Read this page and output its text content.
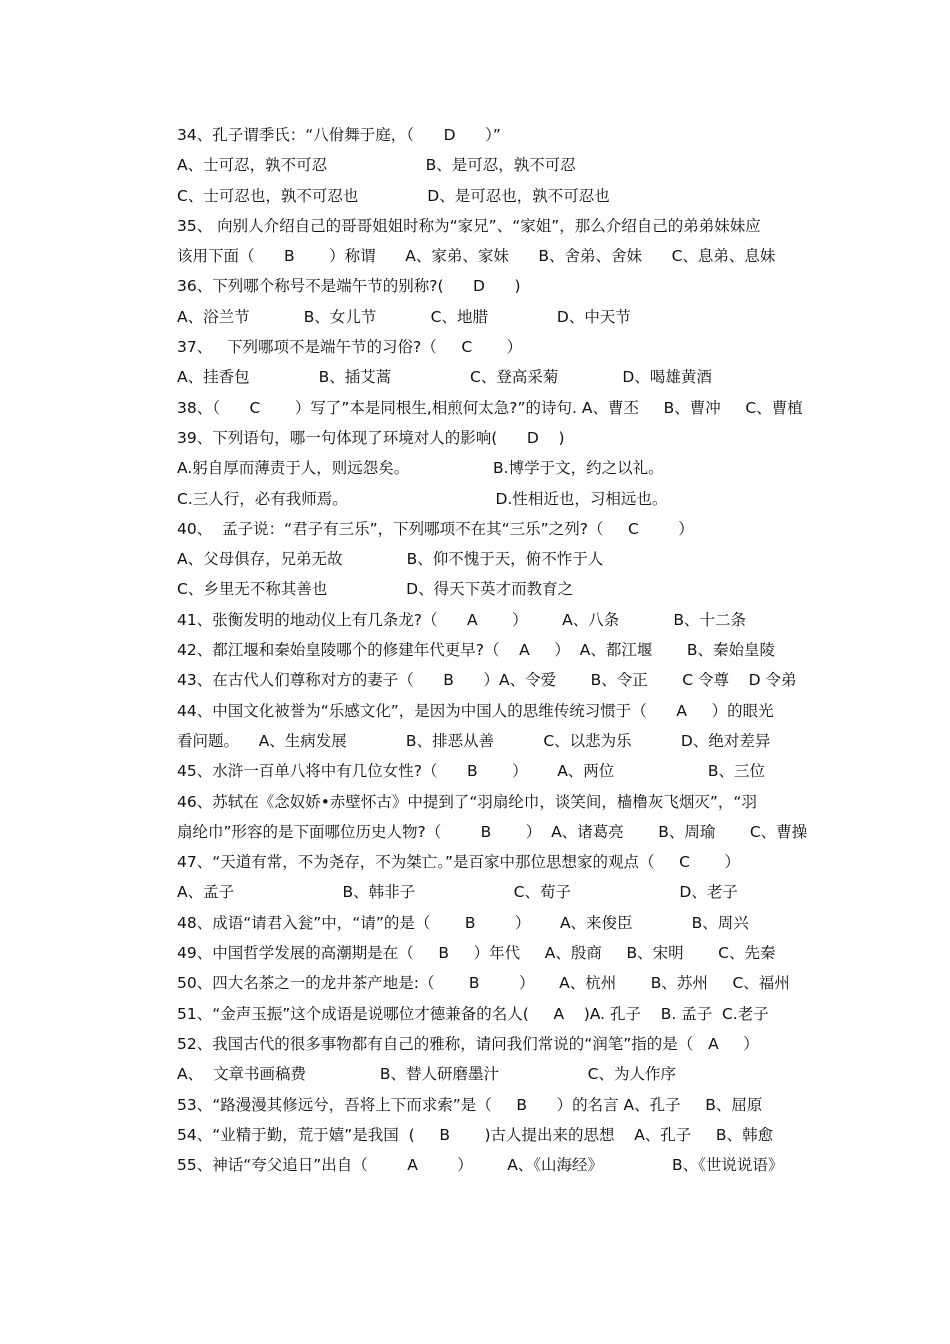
34、孔子谓季氏：“八佾舞于庭，（      D      ）”
A、士可忍，孰不可忍                    B、是可忍，孰不可忍
C、士可忍也，孰不可忍也              D、是可忍也，孰不可忍也
35、 向别人介绍自己的哥哥姐姐时称为“家兄”、“家姐”，那么介绍自己的弟弟妹妹应
该用下面（      B       ）称谓      A、家弟、家妹      B、舍弟、舍妹      C、息弟、息妹
36、下列哪个称号不是端午节的别称?(      D      )
A、浴兰节           B、女儿节           C、地腊              D、中天节
37、   下列哪项不是端午节的习俗?（     C       ）
A、挂香包              B、插艾蒿                C、登高采菊             D、喝雄黄酒
38、（      C       ）写了”本是同根生,相煎何太急?”的诗句. A、曹丕     B、曹冲     C、曹植
39、下列语句，哪一句体现了环境对人的影响(      D    )
A.躬自厚而薄责于人，则远怨矣。                 B.博学于文，约之以礼。
C.三人行，必有我师焉。                              D.性相近也，习相远也。
40、  孟子说：“君子有三乐”，下列哪项不在其“三乐”之列?（     C        ）
A、父母俱存，兄弟无故             B、仰不愧于天，俯不怍于人
C、乡里无不称其善也                D、得天下英才而教育之
41、张衡发明的地动仪上有几条龙?（      A       ）       A、八条           B、十二条
42、都江堰和秦始皇陵哪个的修建年代更早?（    A     ）  A、都江堰       B、秦始皇陵
43、在古代人们尊称对方的妻子（      B      ）A、令爱       B、令正       C 令尊    D 令弟
44、中国文化被誉为“乐感文化”，是因为中国人的思维传统习惯于（      A     ）的眼光
看问题。    A、生病发展            B、排恶从善          C、以悲为乐          D、绝对差异
45、水浒一百单八将中有几位女性?（      B       ）      A、两位                   B、三位
46、苏轼在《念奴娇•赤壁怀古》中提到了“羽扇纶巾，谈笑间，樯橹灰飞烟灭”，“羽
扇纶巾”形容的是下面哪位历史人物?（        B       ）  A、诸葛亮       B、周瑜       C、曹操
47、“天道有常，不为尧存，不为桀亡。”是百家中那位思想家的观点（     C       ）
A、孟子                      B、韩非子                    C、荀子                      D、老子
48、成语“请君入瓮”中，“请”的是（       B        ）      A、来俊臣            B、周兴
49、中国哲学发展的高潮期是在（     B     ）年代     A、殷商     B、宋明       C、先秦
50、四大名茶之一的龙井茶产地是:（       B        ）     A、杭州       B、苏州     C、福州
51、“金声玉振”这个成语是说哪位才德兼备的名人(     A    )A. 孔子    B. 孟子  C.老子
52、我国古代的很多事物都有自己的雅称，请问我们常说的“润笔”指的是（   A     ）
A、  文章书画稿费               B、替人研磨墨汁                  C、为人作序
53、“路漫漫其修远兮，吾将上下而求索”是（     B      ）的名言 A、孔子     B、屈原
54、“业精于勤，荒于嬉”是我国  (     B       )古人提出来的思想    A、孔子     B、韩愈
55、神话“夸父追日”出自（        A        ）       A、《山海经》              B、《世说说语》
